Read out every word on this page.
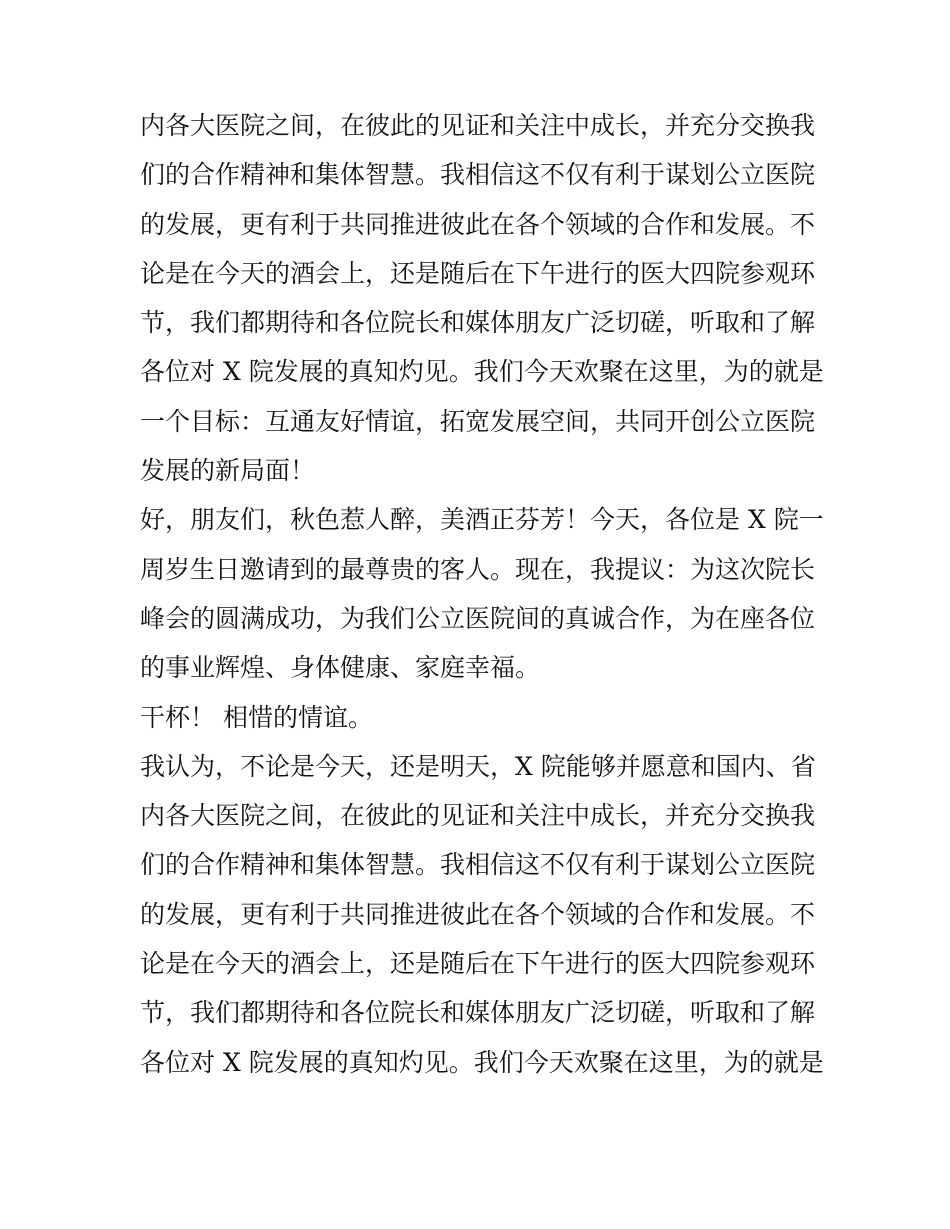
内各大医院之间，在彼此的见证和关注中成长，并充分交换我
们的合作精神和集体智慧。我相信这不仅有利于谋划公立医院
的发展，更有利于共同推进彼此在各个领域的合作和发展。不
论是在今天的酒会上，还是随后在下午进行的医大四院参观环
节，我们都期待和各位院长和媒体朋友广泛切磋，听取和了解
各位对 X 院发展的真知灼见。我们今天欢聚在这里，为的就是
一个目标：互通友好情谊，拓宽发展空间，共同开创公立医院
发展的新局面！
好，朋友们，秋色惹人醉，美酒正芬芳！今天，各位是 X 院一
周岁生日邀请到的最尊贵的客人。现在，我提议：为这次院长
峰会的圆满成功，为我们公立医院间的真诚合作，为在座各位
的事业辉煌、身体健康、家庭幸福。
干杯！ 相惜的情谊。
我认为，不论是今天，还是明天，X 院能够并愿意和国内、省
内各大医院之间，在彼此的见证和关注中成长，并充分交换我
们的合作精神和集体智慧。我相信这不仅有利于谋划公立医院
的发展，更有利于共同推进彼此在各个领域的合作和发展。不
论是在今天的酒会上，还是随后在下午进行的医大四院参观环
节，我们都期待和各位院长和媒体朋友广泛切磋，听取和了解
各位对 X 院发展的真知灼见。我们今天欢聚在这里，为的就是
